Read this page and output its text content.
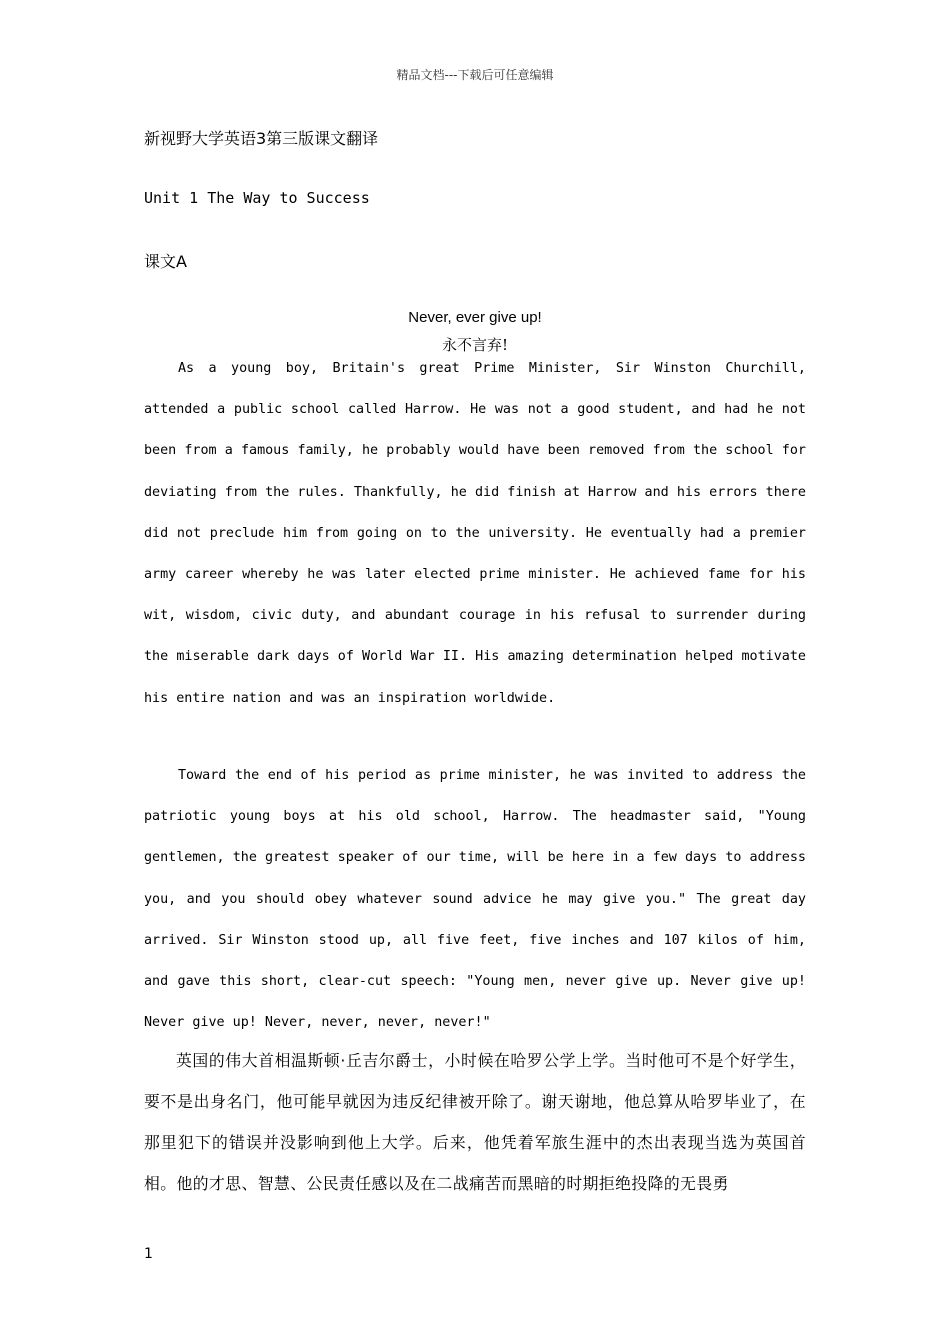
精品文档---下载后可任意编辑
新视野大学英语3第三版课文翻译
Unit 1 The Way to Success
课文A
Never, ever give up!
永不言弃!

As a young boy, Britain's great Prime Minister, Sir Winston Churchill, attended a public school called Harrow. He was not a good student, and had he not been from a famous family, he probably would have been removed from the school for deviating from the rules. Thankfully, he did finish at Harrow and his errors there did not preclude him from going on to the university. He eventually had a premier army career whereby he was later elected prime minister. He achieved fame for his wit, wisdom, civic duty, and abundant courage in his refusal to surrender during the miserable dark days of World War II. His amazing determination helped motivate his entire nation and was an inspiration worldwide.

Toward the end of his period as prime minister, he was invited to address the patriotic young boys at his old school, Harrow. The headmaster said, "Young gentlemen, the greatest speaker of our time, will be here in a few days to address you, and you should obey whatever sound advice he may give you." The great day arrived. Sir Winston stood up, all five feet, five inches and 107 kilos of him, and gave this short, clear-cut speech: "Young men, never give up. Never give up! Never give up! Never, never, never, never!"

英国的伟大首相温斯顿·丘吉尔爵士，小时候在哈罗公学上学。当时他可不是个好学生，要不是出身名门，他可能早就因为违反纪律被开除了。谢天谢地，他总算从哈罗毕业了，在那里犯下的错误并没影响到他上大学。后来，他凭着军旅生涯中的杰出表现当选为英国首相。他的才思、智慧、公民责任感以及在二战痛苦而黑暗的时期拒绝投降的无畏勇

1
